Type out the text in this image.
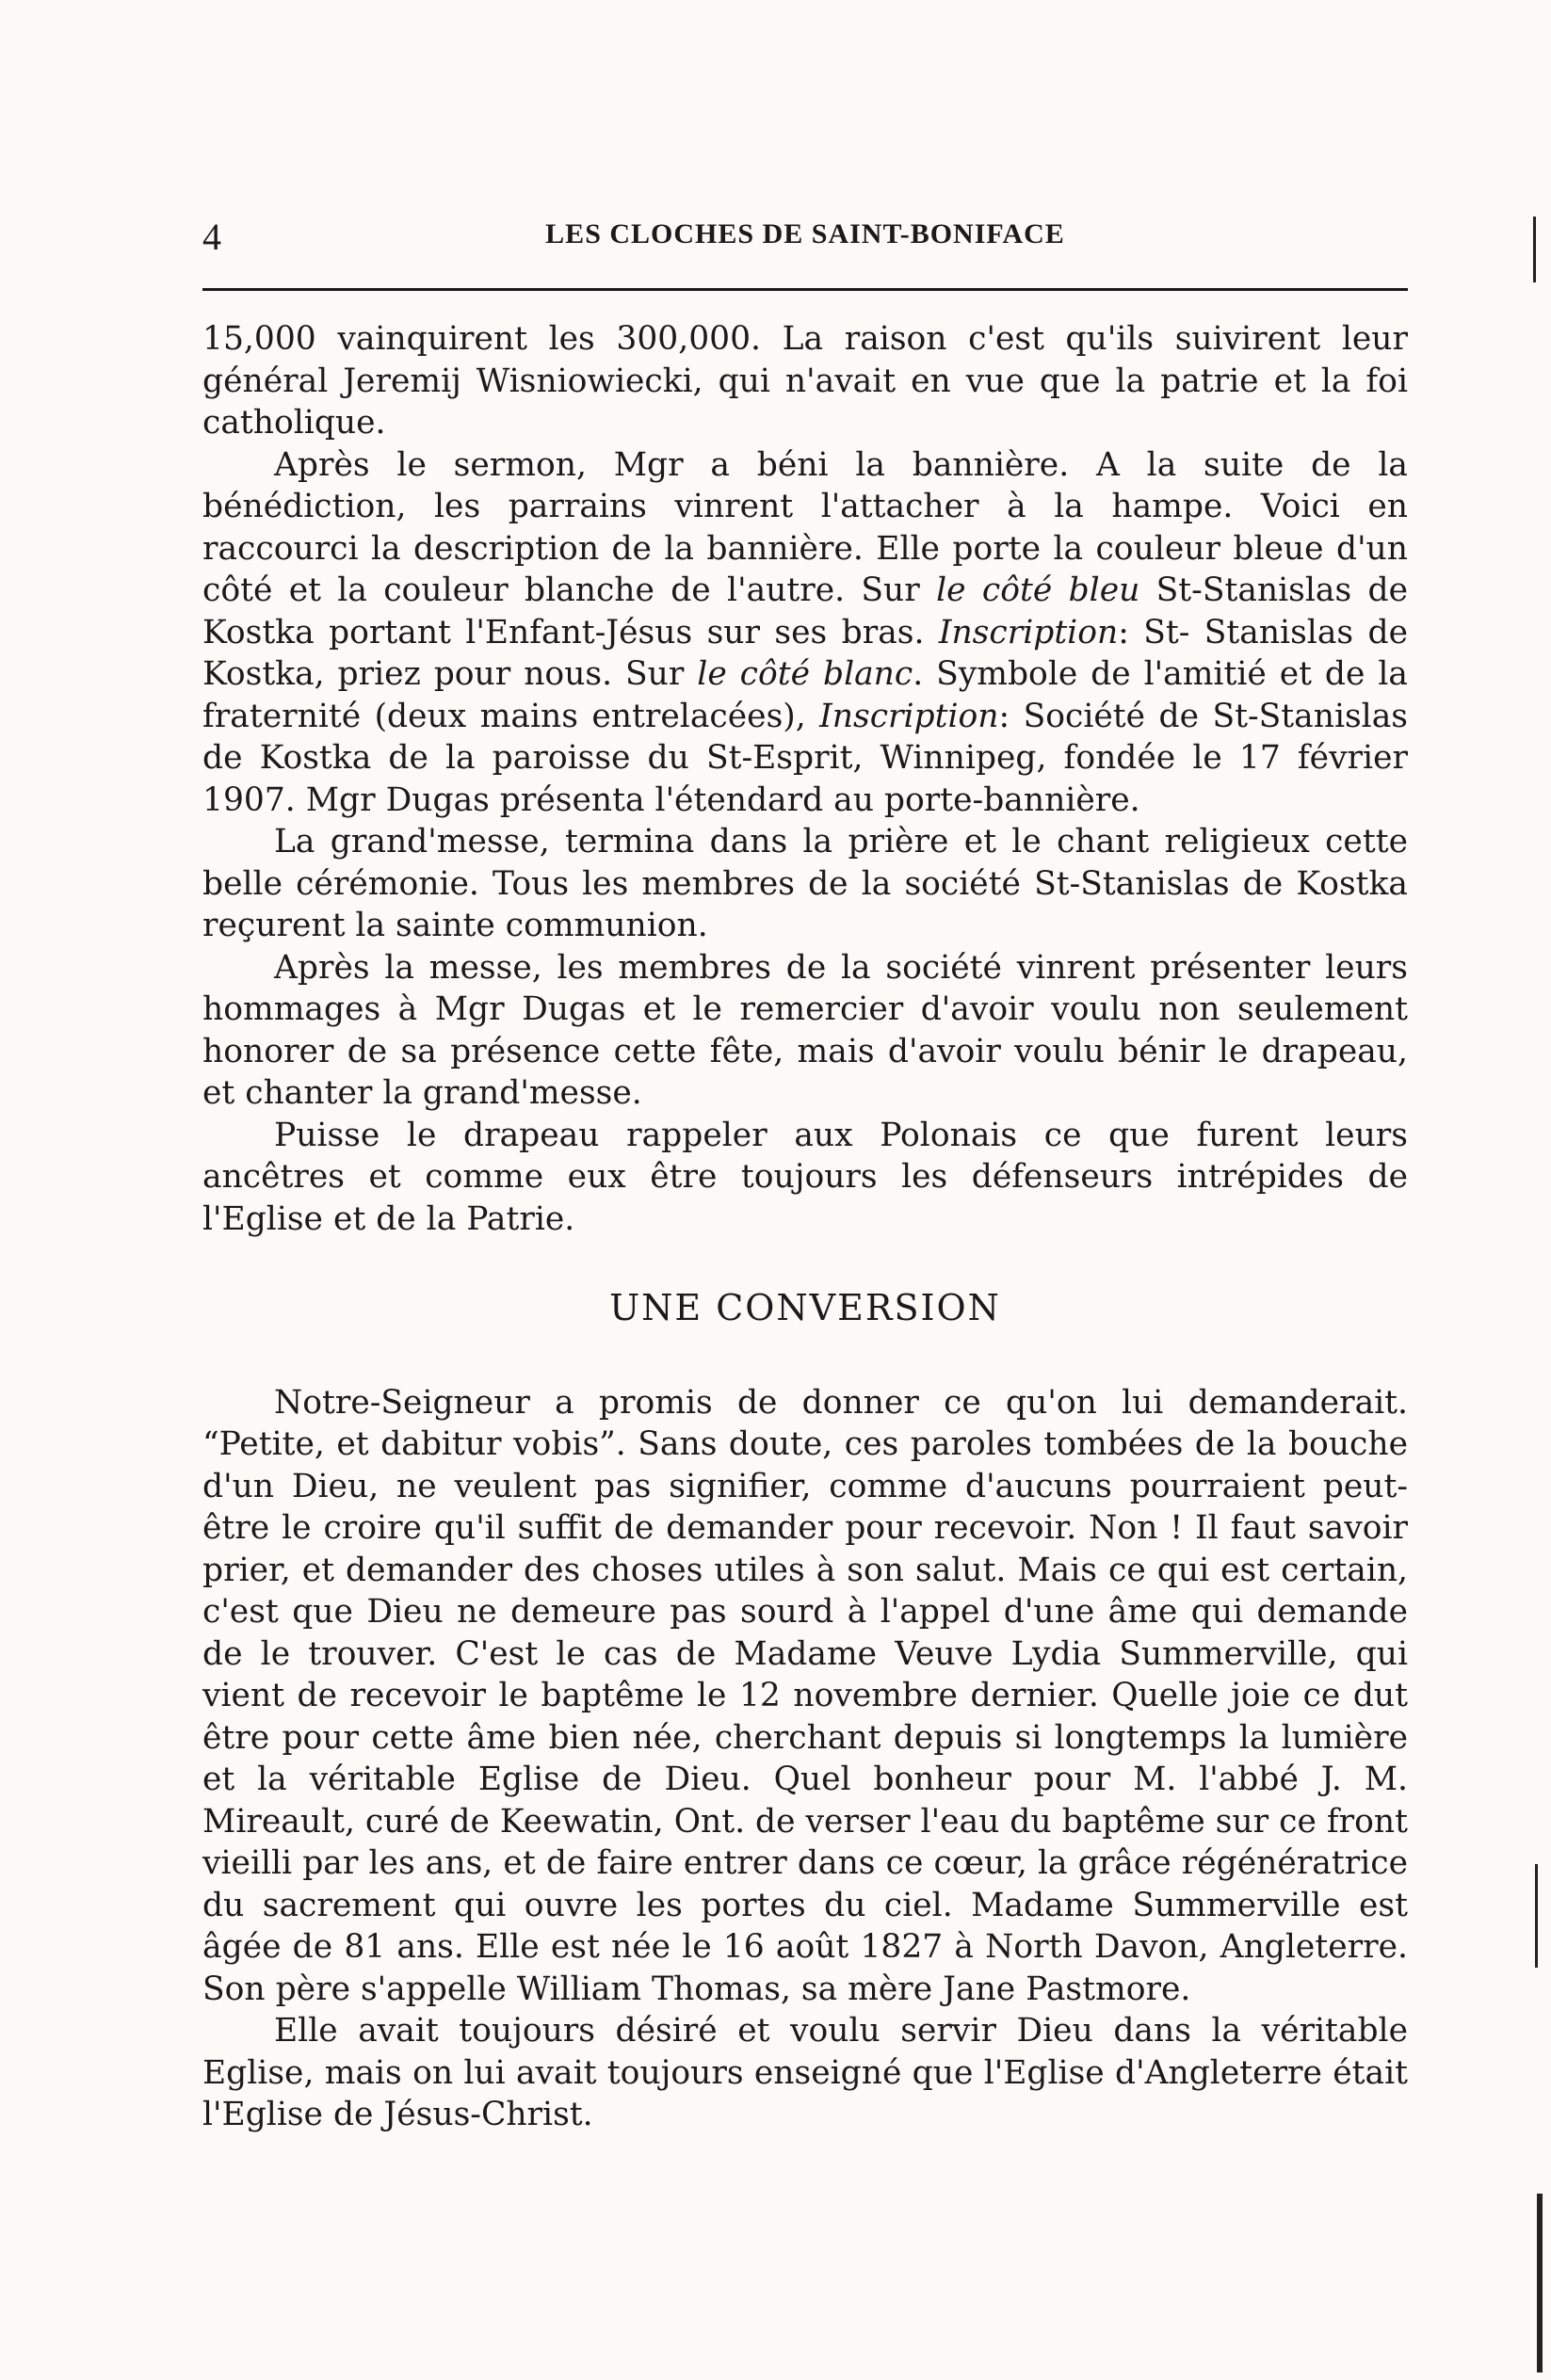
4	LES CLOCHES DE SAINT-BONIFACE

15,000 vainquirent les 300,000. La raison c'est qu'ils suivirent leur général Jeremij Wisniowiecki, qui n'avait en vue que la patrie et la foi catholique.

Après le sermon, Mgr a béni la bannière. A la suite de la bénédiction, les parrains vinrent l'attacher à la hampe. Voici en raccourci la description de la bannière. Elle porte la couleur bleue d'un côté et la couleur blanche de l'autre. Sur le côté bleu St-Stanislas de Kostka portant l'Enfant-Jésus sur ses bras. Inscription: St- Stanislas de Kostka, priez pour nous. Sur le côté blanc. Symbole de l'amitié et de la fraternité (deux mains entrelacées), Inscription: Société de St-Stanislas de Kostka de la paroisse du St-Esprit, Winnipeg, fondée le 17 février 1907. Mgr Dugas présenta l'étendard au porte-bannière.

La grand'messe, termina dans la prière et le chant religieux cette belle cérémonie. Tous les membres de la société St-Stanislas de Kostka reçurent la sainte communion.

Après la messe, les membres de la société vinrent présenter leurs hommages à Mgr Dugas et le remercier d'avoir voulu non seulement honorer de sa présence cette fête, mais d'avoir voulu bénir le drapeau, et chanter la grand'messe.

Puisse le drapeau rappeler aux Polonais ce que furent leurs ancêtres et comme eux être toujours les défenseurs intrépides de l'Eglise et de la Patrie.

UNE CONVERSION

Notre-Seigneur a promis de donner ce qu'on lui demanderait. “Petite, et dabitur vobis”. Sans doute, ces paroles tombées de la bouche d'un Dieu, ne veulent pas signifier, comme d'aucuns pourraient peut-être le croire qu'il suffit de demander pour recevoir. Non ! Il faut savoir prier, et demander des choses utiles à son salut. Mais ce qui est certain, c'est que Dieu ne demeure pas sourd à l'appel d'une âme qui demande de le trouver. C'est le cas de Madame Veuve Lydia Summerville, qui vient de recevoir le baptême le 12 novembre dernier. Quelle joie ce dut être pour cette âme bien née, cherchant depuis si longtemps la lumière et la véritable Eglise de Dieu. Quel bonheur pour M. l'abbé J. M. Mireault, curé de Keewatin, Ont. de verser l'eau du baptême sur ce front vieilli par les ans, et de faire entrer dans ce cœur, la grâce régénératrice du sacrement qui ouvre les portes du ciel. Madame Summerville est âgée de 81 ans. Elle est née le 16 août 1827 à North Davon, Angleterre. Son père s'appelle William Thomas, sa mère Jane Pastmore.

Elle avait toujours désiré et voulu servir Dieu dans la véritable Eglise, mais on lui avait toujours enseigné que l'Eglise d'Angleterre était l'Eglise de Jésus-Christ.
